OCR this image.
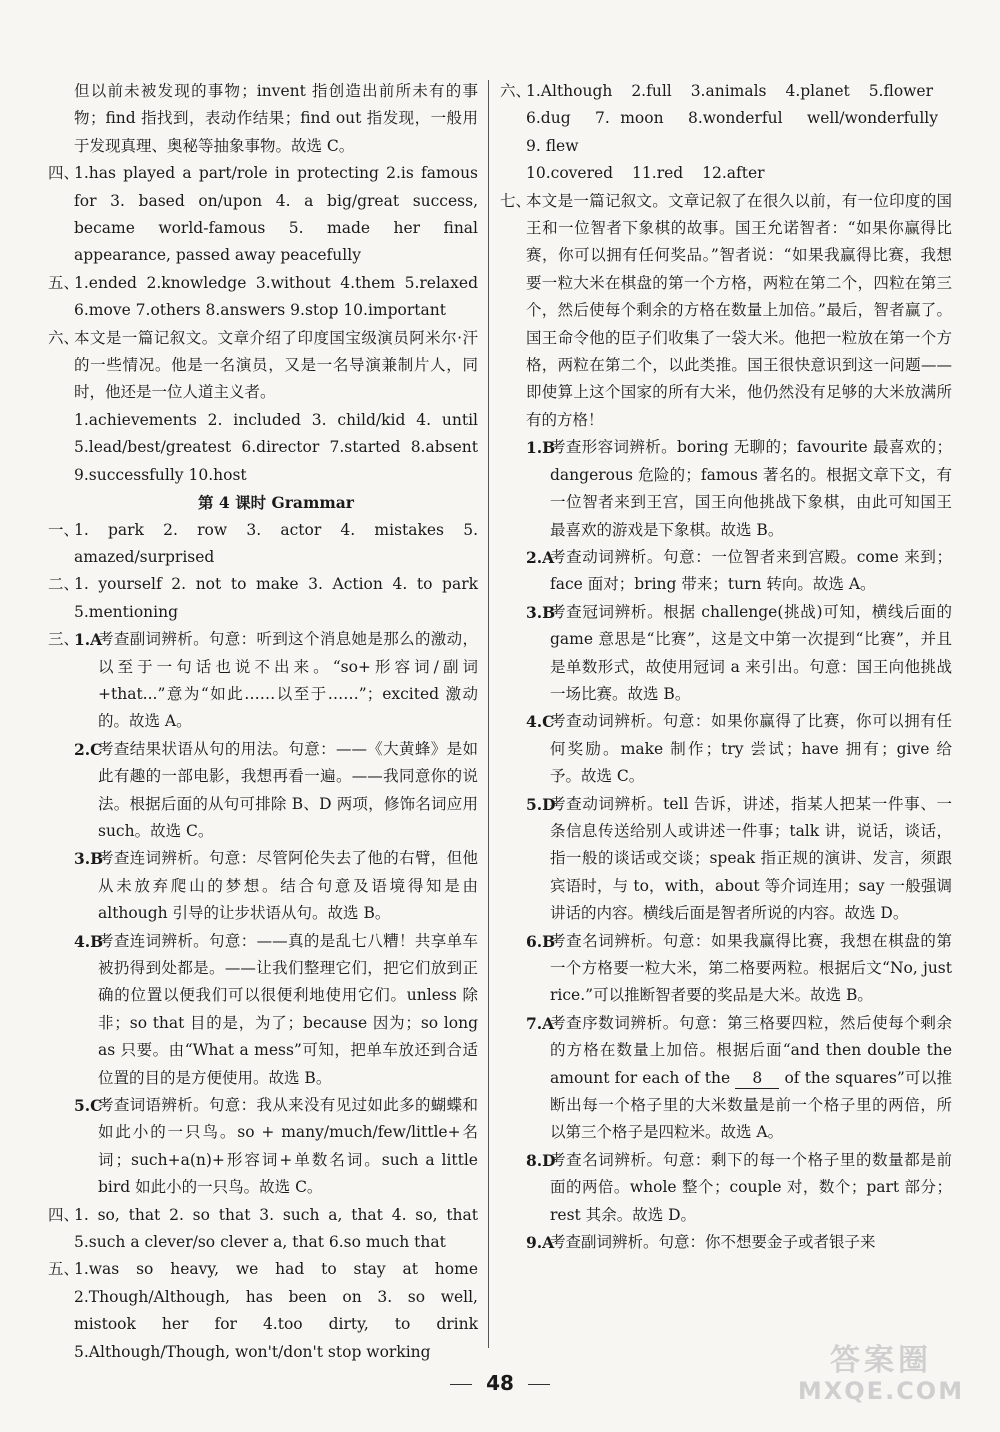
但以前未被发现的事物；invent 指创造出前所未有的事物；find 指找到，表动作结果；find out 指发现，一般用于发现真理、奥秘等抽象事物。故选 C。
四、
1.has played a part/role in protecting 2.is famous for 3. based on/upon 4. a big/great success, became world-famous 5. made her final appearance, passed away peacefully
五、
1.ended 2.knowledge 3.without 4.them 5.relaxed 6.move 7.others 8.answers 9.stop 10.important
六、
本文是一篇记叙文。文章介绍了印度国宝级演员阿米尔·汗的一些情况。他是一名演员，又是一名导演兼制片人，同时，他还是一位人道主义者。
1.achievements 2. included 3. child/kid 4. until 5.lead/best/greatest 6.director 7.started 8.absent 9.successfully 10.host
第 4 课时 Grammar
一、
1. park 2. row 3. actor 4. mistakes 5. amazed/surprised
二、
1. yourself 2. not to make 3. Action 4. to park 5.mentioning
三、

1.A
考查副词辨析。句意：听到这个消息她是那么的激动，以至于一句话也说不出来。“so+形容词/副词+that...”意为“如此……以至于……”；excited 激动的。故选 A。
2.C
考查结果状语从句的用法。句意：——《大黄蜂》是如此有趣的一部电影，我想再看一遍。——我同意你的说法。根据后面的从句可排除 B、D 两项，修饰名词应用 such。故选 C。
3.B
考查连词辨析。句意：尽管阿伦失去了他的右臂，但他从未放弃爬山的梦想。结合句意及语境得知是由 although 引导的让步状语从句。故选 B。
4.B
考查连词辨析。句意：——真的是乱七八糟！共享单车被扔得到处都是。——让我们整理它们，把它们放到正确的位置以便我们可以很便利地使用它们。unless 除非；so that 目的是，为了；because 因为；so long as 只要。由“What a mess”可知，把单车放还到合适位置的目的是方便使用。故选 B。
5.C
考查词语辨析。句意：我从来没有见过如此多的蝴蝶和如此小的一只鸟。so + many/much/few/little+名词；such+a(n)+形容词+单数名词。such a little bird 如此小的一只鸟。故选 C。
四、
1. so, that 2. so that 3. such a, that 4. so, that 5.such a clever/so clever a, that 6.so much that
五、
1.was so heavy, we had to stay at home 2.Though/Although, has been on 3. so well, mistook her for 4.too dirty, to drink 5.Although/Though, won't/don't stop working
六、
1.Although 2.full 3.animals 4.planet 5.flower
6.dug 7. moon 8.wonderful well/wonderfully 9. flew
10.covered 11.red 12.after
七、
本文是一篇记叙文。文章记叙了在很久以前，有一位印度的国王和一位智者下象棋的故事。国王允诺智者：“如果你赢得比赛，你可以拥有任何奖品。”智者说：“如果我赢得比赛，我想要一粒大米在棋盘的第一个方格，两粒在第二个，四粒在第三个，然后使每个剩余的方格在数量上加倍。”最后，智者赢了。国王命令他的臣子们收集了一袋大米。他把一粒放在第一个方格，两粒在第二个，以此类推。国王很快意识到这一问题——即使算上这个国家的所有大米，他仍然没有足够的大米放满所有的方格！
1.B
考查形容词辨析。boring 无聊的；favourite 最喜欢的；dangerous 危险的；famous 著名的。根据文章下文，有一位智者来到王宫，国王向他挑战下象棋，由此可知国王最喜欢的游戏是下象棋。故选 B。
2.A
考查动词辨析。句意：一位智者来到宫殿。come 来到；face 面对；bring 带来；turn 转向。故选 A。
3.B
考查冠词辨析。根据 challenge(挑战)可知，横线后面的 game 意思是“比赛”，这是文中第一次提到“比赛”，并且是单数形式，故使用冠词 a 来引出。句意：国王向他挑战一场比赛。故选 B。
4.C
考查动词辨析。句意：如果你赢得了比赛，你可以拥有任何奖励。make 制作；try 尝试；have 拥有；give 给予。故选 C。
5.D
考查动词辨析。tell 告诉，讲述，指某人把某一件事、一条信息传送给别人或讲述一件事；talk 讲，说话，谈话，指一般的谈话或交谈；speak 指正规的演讲、发言，须跟宾语时，与 to，with，about 等介词连用；say 一般强调讲话的内容。横线后面是智者所说的内容。故选 D。
6.B
考查名词辨析。句意：如果我赢得比赛，我想在棋盘的第一个方格要一粒大米，第二格要两粒。根据后文“No, just rice.”可以推断智者要的奖品是大米。故选 B。
7.A
考查序数词辨析。句意：第三格要四粒，然后使每个剩余的方格在数量上加倍。根据后面“and then double the amount for each of the 8 of the squares”可以推断出每一个格子里的大米数量是前一个格子里的两倍，所以第三个格子是四粒米。故选 A。
8.D
考查名词辨析。句意：剩下的每一个格子里的数量都是前面的两倍。whole 整个；couple 对，数个；part 部分；rest 其余。故选 D。
9.A
考查副词辨析。句意：你不想要金子或者银子来
48
答案圈
MXQE.COM
